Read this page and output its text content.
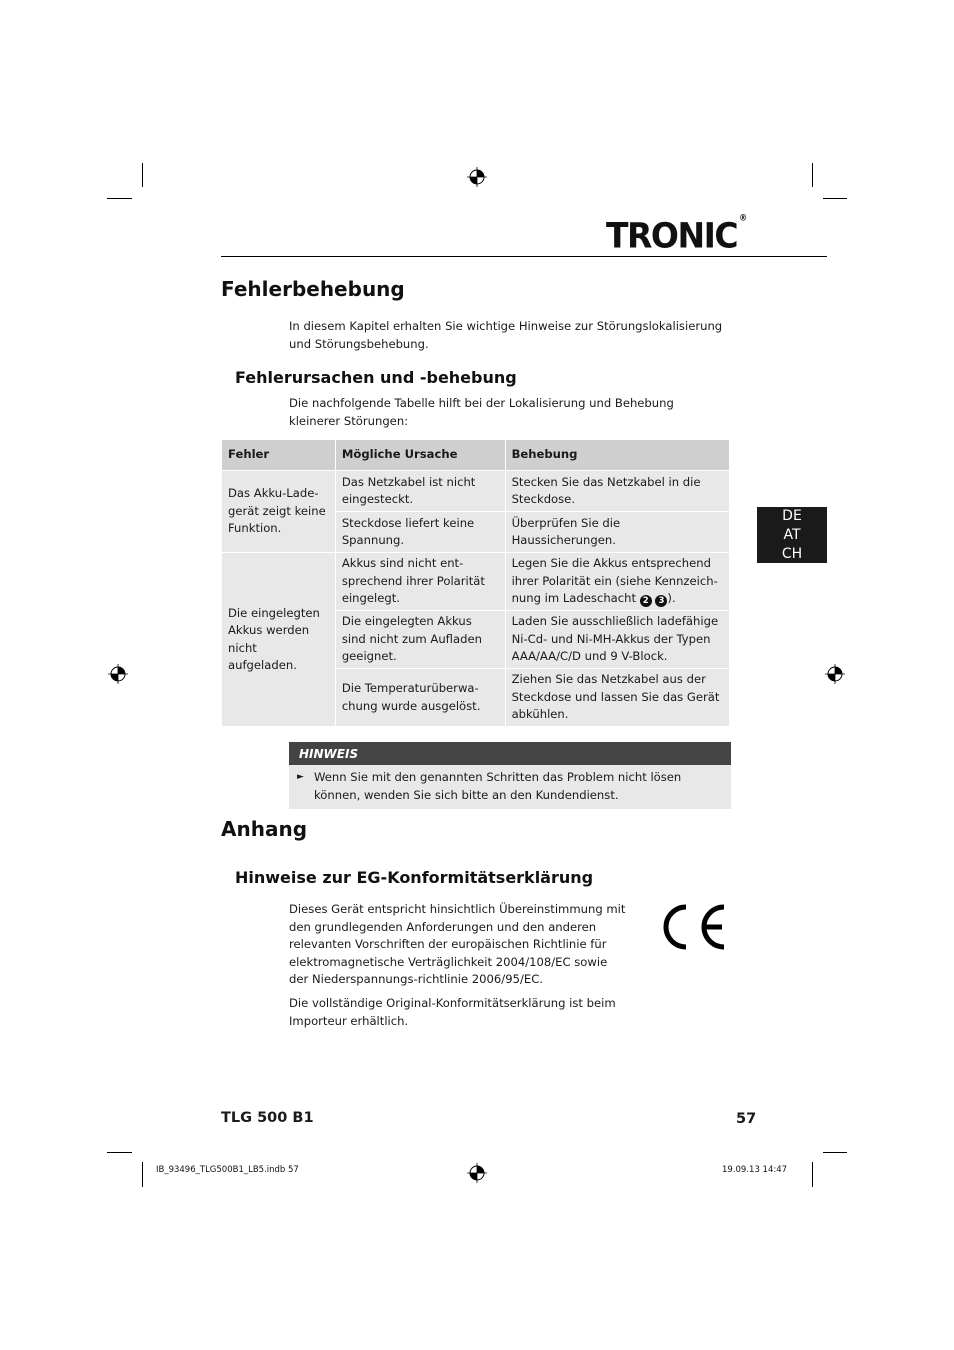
TRONIC ®
Fehlerbehebung
In diesem Kapitel erhalten Sie wichtige Hinweise zur Störungslokalisierung und Störungsbehebung.
Fehlerursachen und -behebung
Die nachfolgende Tabelle hilft bei der Lokalisierung und Behebung kleinerer Störungen:
DE
AT
CH
Fehler	Mögliche Ursache	Behebung
Das Akku-Lade-gerät zeigt keine Funktion.	Das Netzkabel ist nicht eingesteckt.	Stecken Sie das Netzkabel in die Steckdose.
	Steckdose liefert keine Spannung.	Überprüfen Sie die Haussicherungen.
Die eingelegten Akkus werden nicht aufgeladen.	Akkus sind nicht ent-sprechend ihrer Polarität eingelegt.	Legen Sie die Akkus entsprechend ihrer Polarität ein (siehe Kennzeich-nung im Ladeschacht 2 3 ).
	Die eingelegten Akkus sind nicht zum Aufladen geeignet.	Laden Sie ausschließlich ladefähige Ni-Cd- und Ni-MH-Akkus der Typen AAA/AA/C/D und 9 V-Block.
	Die Temperaturüberwa-chung wurde ausgelöst.	Ziehen Sie das Netzkabel aus der Steckdose und lassen Sie das Gerät abkühlen.
HINWEIS
► Wenn Sie mit den genannten Schritten das Problem nicht lösen können, wenden Sie sich bitte an den Kundendienst.
Anhang
Hinweise zur EG-Konformitätserklärung
Dieses Gerät entspricht hinsichtlich Übereinstimmung mit den grundlegenden Anforderungen und den anderen relevanten Vorschriften der europäischen Richtlinie für elektromagnetische Verträglichkeit 2004/108/EC sowie der Niederspannungs-richtlinie 2006/95/EC.
Die vollständige Original-Konformitätserklärung ist beim Importeur erhältlich.
TLG 500 B1	57
IB_93496_TLG500B1_LB5.indb 57	19.09.13 14:47
